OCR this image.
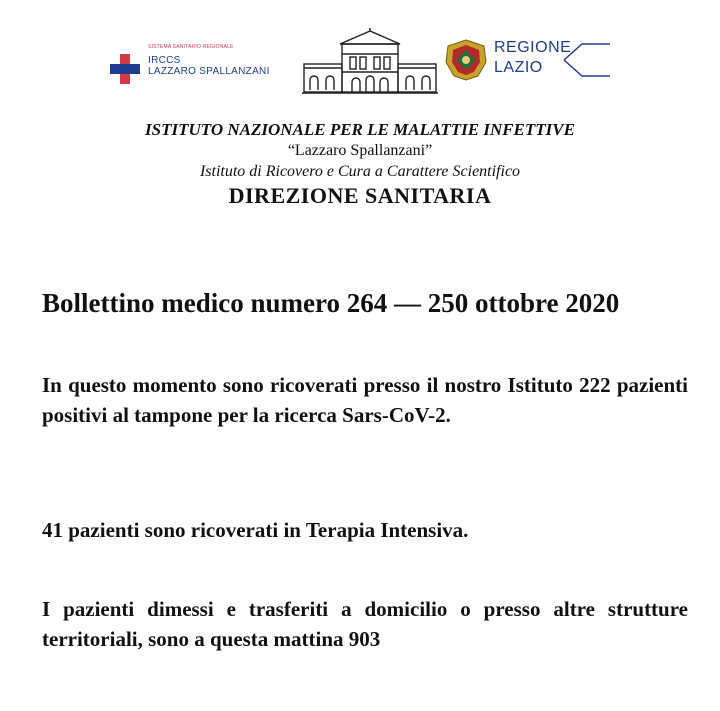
SISTEMA SANITARIO REGIONALE
IRCCS
LAZZARO SPALLANZANI
REGIONE
LAZIO
ISTITUTO NAZIONALE PER LE MALATTIE INFETTIVE
“Lazzaro Spallanzani”
Istituto di Ricovero e Cura a Carattere Scientifico
DIREZIONE SANITARIA
Bollettino medico numero 264 — 250 ottobre 2020
In questo momento sono ricoverati presso il nostro Istituto 222 pazienti positivi al tampone per la ricerca Sars-CoV-2.
41 pazienti sono ricoverati in Terapia Intensiva.
I pazienti dimessi e trasferiti a domicilio o presso altre strutture territoriali, sono a questa mattina 903
